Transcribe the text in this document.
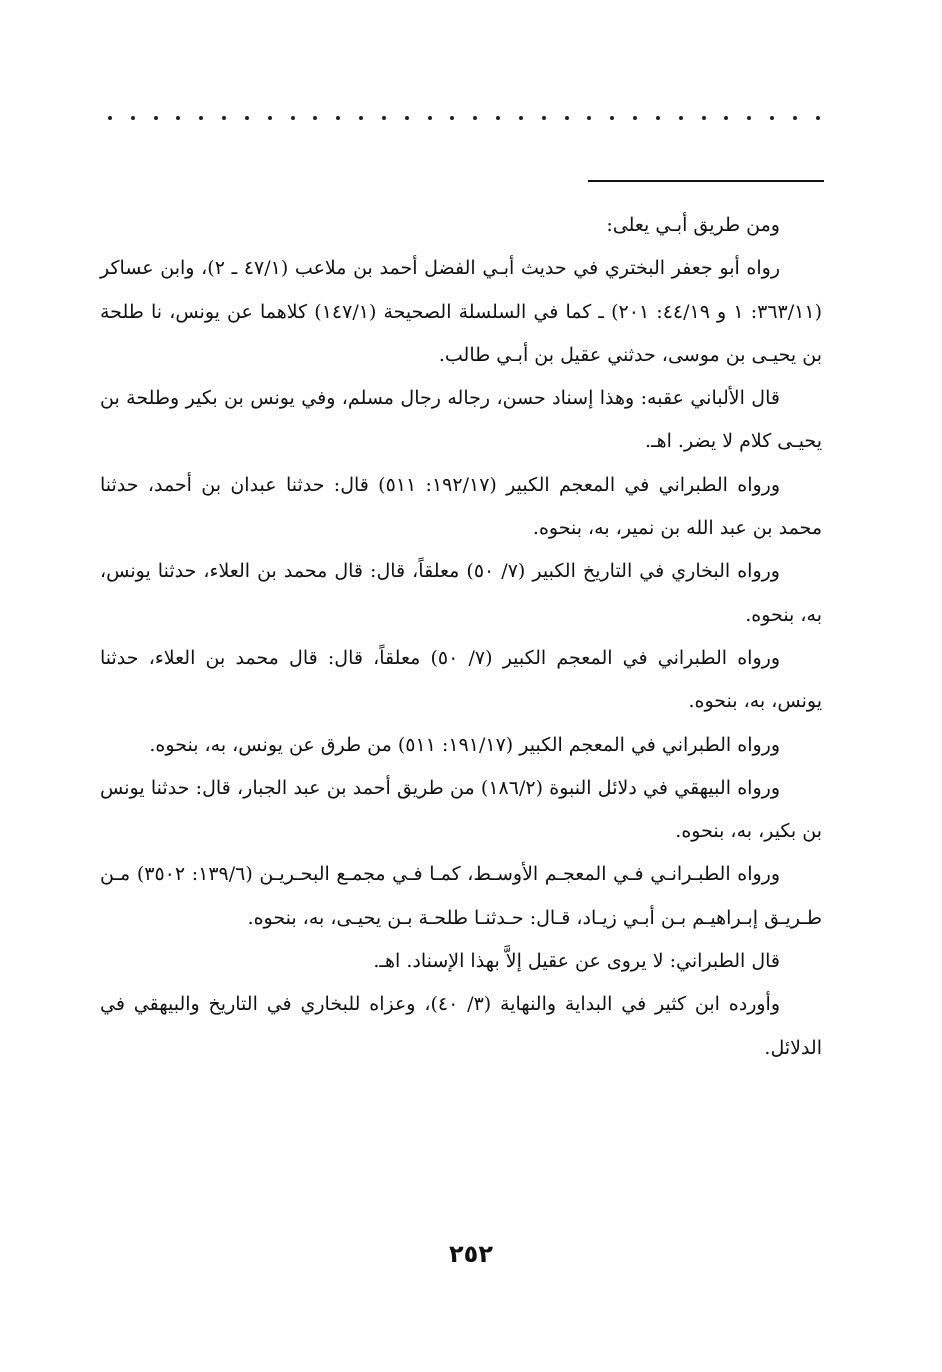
ومن طريق أبـي يعلى:

رواه أبو جعفر البختري في حديث أبـي الفضل أحمد بن ملاعب (٤٧/١ ـ ٢)، وابن عساكر (٣٦٣/١١: ١ و ٤٤/١٩: ٢٠١) ـ كما في السلسلة الصحيحة (١٤٧/١) كلاهما عن يونس، نا طلحة بن يحيـى بن موسى، حدثني عقيل بن أبـي طالب.

قال الألباني عقبه: وهذا إسناد حسن، رجاله رجال مسلم، وفي يونس بن بكير وطلحة بن يحيـى كلام لا يضر. اهـ.

ورواه الطبراني في المعجم الكبير (١٩٢/١٧: ٥١١) قال: حدثنا عبدان بن أحمد، حدثنا محمد بن عبد الله بن نمير، به، بنحوه.

ورواه البخاري في التاريخ الكبير (٧/ ٥٠) معلقاً، قال: قال محمد بن العلاء، حدثنا يونس، به، بنحوه.

ورواه الطبراني في المعجم الكبير (٧/ ٥٠) معلقاً، قال: قال محمد بن العلاء، حدثنا يونس، به، بنحوه.

ورواه الطبراني في المعجم الكبير (١٩١/١٧: ٥١١) من طرق عن يونس، به، بنحوه.

ورواه البيهقي في دلائل النبوة (١٨٦/٢) من طريق أحمد بن عبد الجبار، قال: حدثنا يونس بن بكير، به، بنحوه.

ورواه الطبـرانـي فـي المعجـم الأوسـط، كمـا فـي مجمـع البحـريـن (١٣٩/٦: ٣٥٠٢) مـن طـريـق إبـراهيـم بـن أبـي زيـاد، قـال: حـدثنـا طلحـة بـن يحيـى، به، بنحوه.

قال الطبراني: لا يروى عن عقيل إلاَّ بهذا الإسناد. اهـ.

وأورده ابن كثير في البداية والنهاية (٣/ ٤٠)، وعزاه للبخاري في التاريخ والبيهقي في الدلائل.

٢٥٢
